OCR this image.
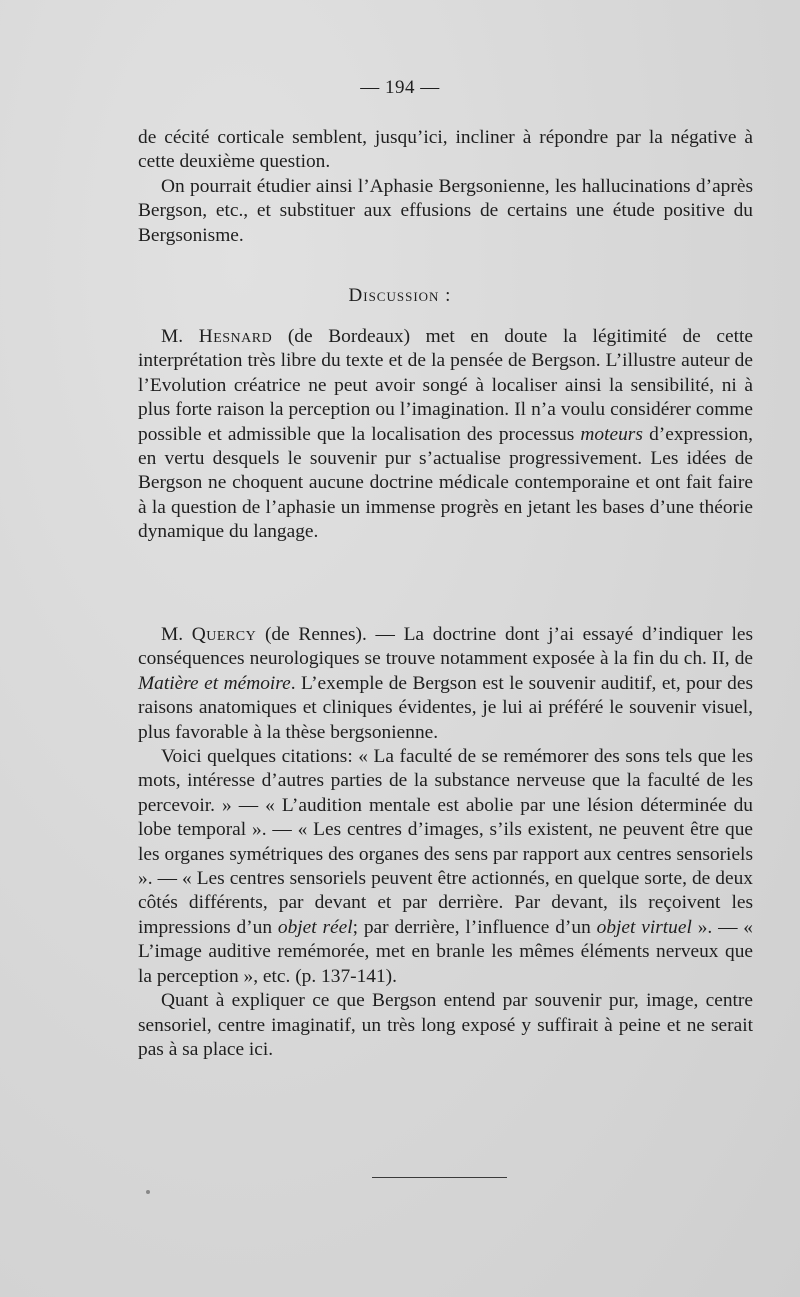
— 194 —

de cécité corticale semblent, jusqu’ici, incliner à répondre par la négative à cette deuxième question.

On pourrait étudier ainsi l’Aphasie Bergsonienne, les hallucinations d’après Bergson, etc., et substituer aux effusions de certains une étude positive du Bergsonisme.

Discussion :

M. Hesnard (de Bordeaux) met en doute la légitimité de cette interprétation très libre du texte et de la pensée de Bergson. L’illustre auteur de l’Evolution créatrice ne peut avoir songé à localiser ainsi la sensibilité, ni à plus forte raison la perception ou l’imagination. Il n’a voulu considérer comme possible et admissible que la localisation des processus moteurs d’expression, en vertu desquels le souvenir pur s’actualise progressivement. Les idées de Bergson ne choquent aucune doctrine médicale contemporaine et ont fait faire à la question de l’aphasie un immense progrès en jetant les bases d’une théorie dynamique du langage.

M. Quercy (de Rennes). — La doctrine dont j’ai essayé d’indiquer les conséquences neurologiques se trouve notamment exposée à la fin du ch. II, de Matière et mémoire. L’exemple de Bergson est le souvenir auditif, et, pour des raisons anatomiques et cliniques évidentes, je lui ai préféré le souvenir visuel, plus favorable à la thèse bergsonienne.

Voici quelques citations: « La faculté de se remémorer des sons tels que les mots, intéresse d’autres parties de la substance nerveuse que la faculté de les percevoir. » — « L’audition mentale est abolie par une lésion déterminée du lobe temporal ». — « Les centres d’images, s’ils existent, ne peuvent être que les organes symétriques des organes des sens par rapport aux centres sensoriels ». — « Les centres sensoriels peuvent être actionnés, en quelque sorte, de deux côtés différents, par devant et par derrière. Par devant, ils reçoivent les impressions d’un objet réel; par derrière, l’influence d’un objet virtuel ». — « L’image auditive remémorée, met en branle les mêmes éléments nerveux que la perception », etc. (p. 137-141).

Quant à expliquer ce que Bergson entend par souvenir pur, image, centre sensoriel, centre imaginatif, un très long exposé y suffirait à peine et ne serait pas à sa place ici.
